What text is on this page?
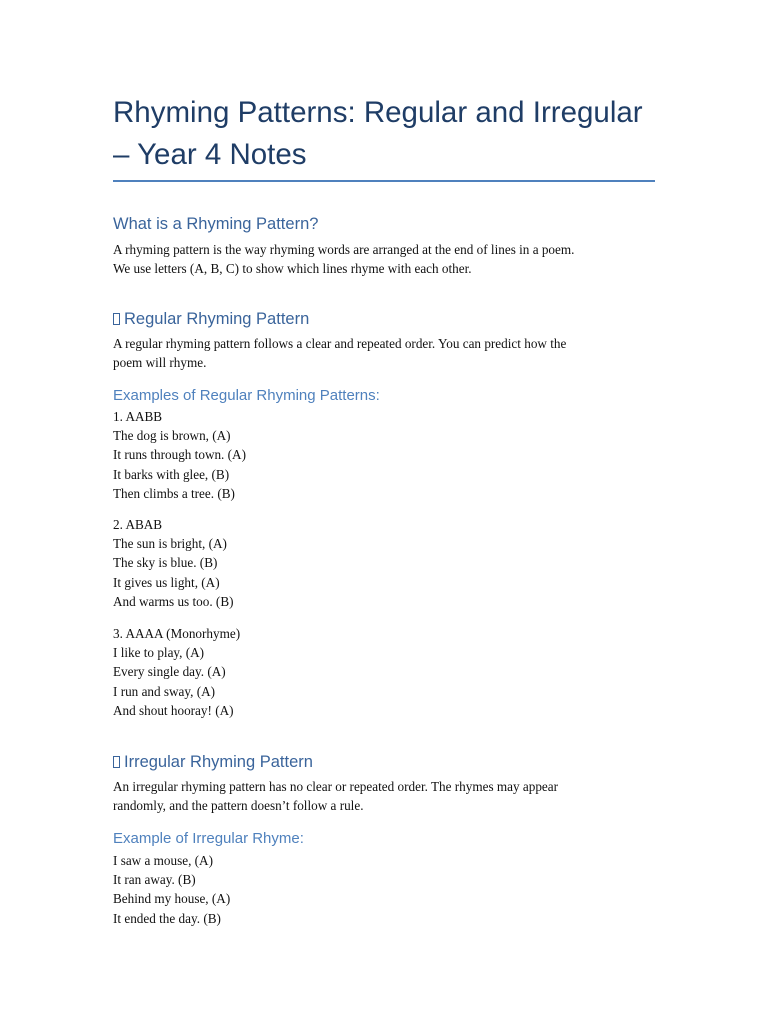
Rhyming Patterns: Regular and Irregular – Year 4 Notes
What is a Rhyming Pattern?

A rhyming pattern is the way rhyming words are arranged at the end of lines in a poem.

We use letters (A, B, C) to show which lines rhyme with each other.

Regular Rhyming Pattern

A regular rhyming pattern follows a clear and repeated order. You can predict how the

poem will rhyme.

Examples of Regular Rhyming Patterns:

1. AABB

The dog is brown, (A)

It runs through town. (A)

It barks with glee, (B)

Then climbs a tree. (B)

2. ABAB

The sun is bright, (A)

The sky is blue. (B)

It gives us light, (A)

And warms us too. (B)

3. AAAA (Monorhyme)

I like to play, (A)

Every single day. (A)

I run and sway, (A)

And shout hooray! (A)

Irregular Rhyming Pattern

An irregular rhyming pattern has no clear or repeated order. The rhymes may appear

randomly, and the pattern doesn’t follow a rule.

Example of Irregular Rhyme:

I saw a mouse, (A)

It ran away. (B)

Behind my house, (A)

It ended the day. (B)
